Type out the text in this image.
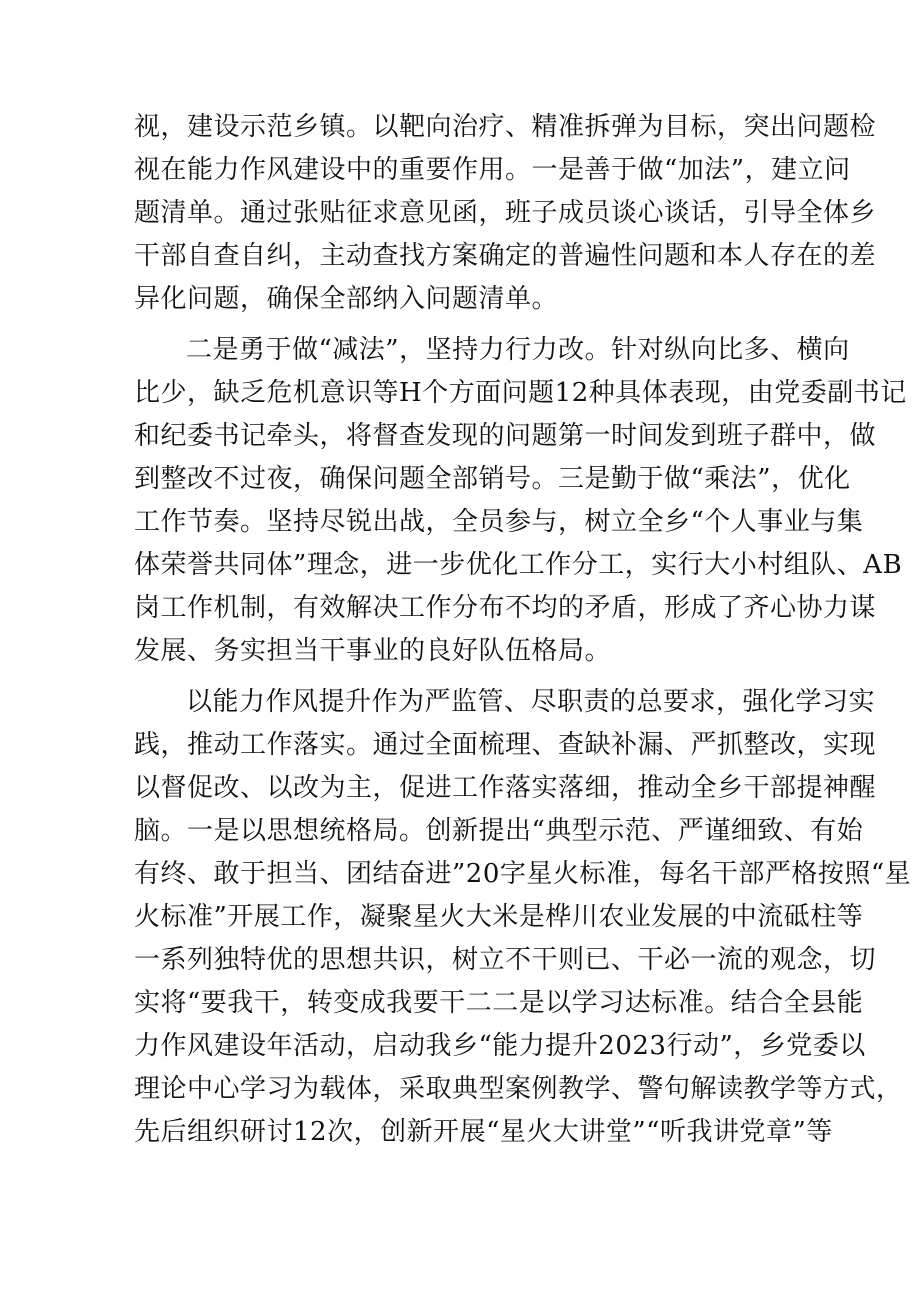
视，建设示范乡镇。以靶向治疗、精准拆弹为目标，突出问题检
视在能力作风建设中的重要作用。一是善于做“加法”，建立问
题清单。通过张贴征求意见函，班子成员谈心谈话，引导全体乡
干部自查自纠，主动查找方案确定的普遍性问题和本人存在的差
异化问题，确保全部纳入问题清单。
二是勇于做“减法”，坚持力行力改。针对纵向比多、横向
比少，缺乏危机意识等H个方面问题12种具体表现，由党委副书记
和纪委书记牵头，将督查发现的问题第一时间发到班子群中，做
到整改不过夜，确保问题全部销号。三是勤于做“乘法”，优化
工作节奏。坚持尽锐出战，全员参与，树立全乡“个人事业与集
体荣誉共同体”理念，进一步优化工作分工，实行大小村组队、AB
岗工作机制，有效解决工作分布不均的矛盾，形成了齐心协力谋
发展、务实担当干事业的良好队伍格局。
以能力作风提升作为严监管、尽职责的总要求，强化学习实
践，推动工作落实。通过全面梳理、查缺补漏、严抓整改，实现
以督促改、以改为主，促进工作落实落细，推动全乡干部提神醒
脑。一是以思想统格局。创新提出“典型示范、严谨细致、有始
有终、敢于担当、团结奋进”20字星火标准，每名干部严格按照“星
火标准”开展工作，凝聚星火大米是桦川农业发展的中流砥柱等
一系列独特优的思想共识，树立不干则已、干必一流的观念，切
实将“要我干，转变成我要干二二是以学习达标准。结合全县能
力作风建设年活动，启动我乡“能力提升2023行动”，乡党委以
理论中心学习为载体，采取典型案例教学、警句解读教学等方式，
先后组织研讨12次，创新开展“星火大讲堂”“听我讲党章”等
